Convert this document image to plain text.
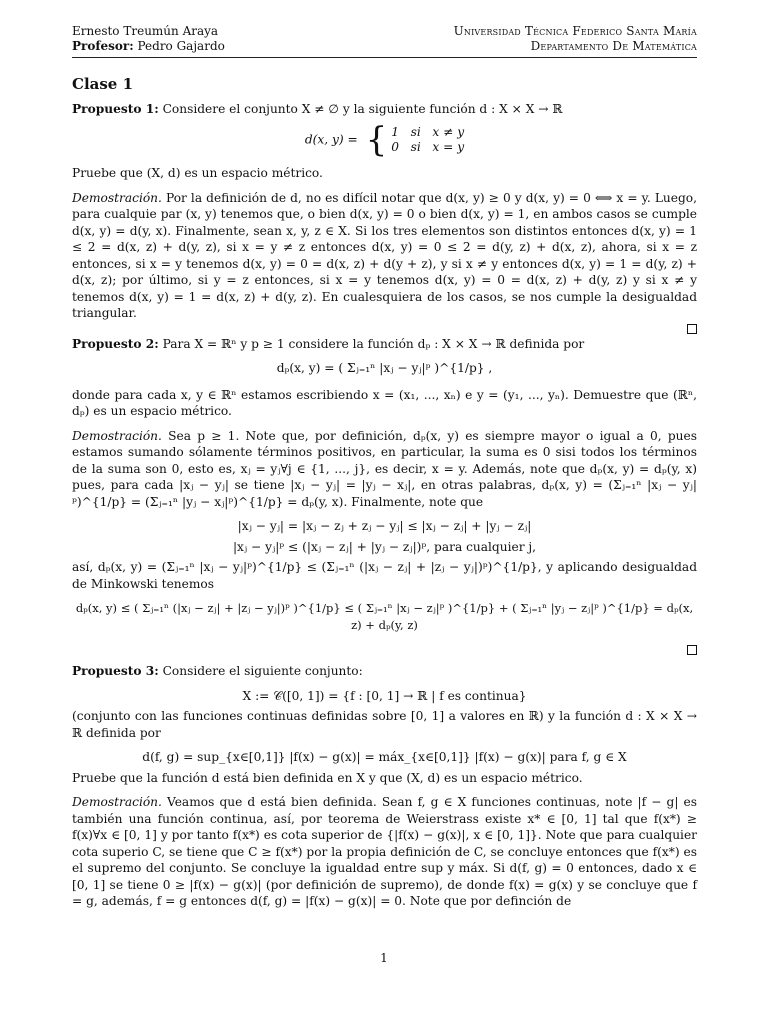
Ernesto Treumún Araya
Profesor: Pedro Gajardo
Universidad Técnica Federico Santa María
Departamento De Matemática
Clase 1

Propuesto 1: Considere el conjunto X ≠ ∅ y la siguiente función d : X × X → ℝ

d(x, y) = { 1   si   x ≠ y
0   si   x = y

Pruebe que (X, d) es un espacio métrico.

Demostración. Por la definición de d, no es difícil notar que d(x, y) ≥ 0 y d(x, y) = 0 ⟺ x = y. Luego, para cualquie par (x, y) tenemos que, o bien d(x, y) = 0 o bien d(x, y) = 1, en ambos casos se cumple d(x, y) = d(y, x). Finalmente, sean x, y, z ∈ X. Si los tres elementos son distintos entonces d(x, y) = 1 ≤ 2 = d(x, z) + d(y, z), si x = y ≠ z entonces d(x, y) = 0 ≤ 2 = d(y, z) + d(x, z), ahora, si x = z entonces, si x = y tenemos d(x, y) = 0 = d(x, z) + d(y + z), y si x ≠ y entonces d(x, y) = 1 = d(y, z) + d(x, z); por último, si y = z entonces, si x = y tenemos d(x, y) = 0 = d(x, z) + d(y, z) y si x ≠ y tenemos d(x, y) = 1 = d(x, z) + d(y, z). En cualesquiera de los casos, se nos cumple la desigualdad triangular.

Propuesto 2: Para X = ℝⁿ y p ≥ 1 considere la función dₚ : X × X → ℝ definida por

dₚ(x, y) = ( Σⱼ₌₁ⁿ |xⱼ − yⱼ|ᵖ )^{1/p} ,

donde para cada x, y ∈ ℝⁿ estamos escribiendo x = (x₁, ..., xₙ) e y = (y₁, ..., yₙ). Demuestre que (ℝⁿ, dₚ) es un espacio métrico.

Demostración. Sea p ≥ 1. Note que, por definición, dₚ(x, y) es siempre mayor o igual a 0, pues estamos sumando sólamente términos positivos, en particular, la suma es 0 sisi todos los términos de la suma son 0, esto es, xⱼ = yⱼ∀j ∈ {1, ..., j}, es decir, x = y. Además, note que dₚ(x, y) = dₚ(y, x) pues, para cada |xⱼ − yⱼ| se tiene |xⱼ − yⱼ| = |yⱼ − xⱼ|, en otras palabras, dₚ(x, y) = (Σⱼ₌₁ⁿ |xⱼ − yⱼ|ᵖ)^{1/p} = (Σⱼ₌₁ⁿ |yⱼ − xⱼ|ᵖ)^{1/p} = dₚ(y, x). Finalmente, note que

|xⱼ − yⱼ| = |xⱼ − zⱼ + zⱼ − yⱼ| ≤ |xⱼ − zⱼ| + |yⱼ − zⱼ|
|xⱼ − yⱼ|ᵖ ≤ (|xⱼ − zⱼ| + |yⱼ − zⱼ|)ᵖ, para cualquier j,

así, dₚ(x, y) = (Σⱼ₌₁ⁿ |xⱼ − yⱼ|ᵖ)^{1/p} ≤ (Σⱼ₌₁ⁿ (|xⱼ − zⱼ| + |zⱼ − yⱼ|)ᵖ)^{1/p}, y aplicando desigualdad de Minkowski tenemos

dₚ(x, y) ≤ ( Σⱼ₌₁ⁿ (|xⱼ − zⱼ| + |zⱼ − yⱼ|)ᵖ )^{1/p} ≤ ( Σⱼ₌₁ⁿ |xⱼ − zⱼ|ᵖ )^{1/p} + ( Σⱼ₌₁ⁿ |yⱼ − zⱼ|ᵖ )^{1/p} = dₚ(x, z) + dₚ(y, z)

Propuesto 3: Considere el siguiente conjunto:

X := 𝒞([0, 1]) = {f : [0, 1] → ℝ | f es continua}

(conjunto con las funciones continuas definidas sobre [0, 1] a valores en ℝ) y la función d : X × X → ℝ definida por

d(f, g) = sup_{x∈[0,1]} |f(x) − g(x)| = máx_{x∈[0,1]} |f(x) − g(x)| para f, g ∈ X

Pruebe que la función d está bien definida en X y que (X, d) es un espacio métrico.

Demostración. Veamos que d está bien definida. Sean f, g ∈ X funciones continuas, note |f − g| es también una función continua, así, por teorema de Weierstrass existe x* ∈ [0, 1] tal que f(x*) ≥ f(x)∀x ∈ [0, 1] y por tanto f(x*) es cota superior de {|f(x) − g(x)|, x ∈ [0, 1]}. Note que para cualquier cota superio C, se tiene que C ≥ f(x*) por la propia definición de C, se concluye entonces que f(x*) es el supremo del conjunto. Se concluye la igualdad entre sup y máx. Si d(f, g) = 0 entonces, dado x ∈ [0, 1] se tiene 0 ≥ |f(x) − g(x)| (por definición de supremo), de donde f(x) = g(x) y se concluye que f = g, además, f = g entonces d(f, g) = |f(x) − g(x)| = 0. Note que por definción de

1
